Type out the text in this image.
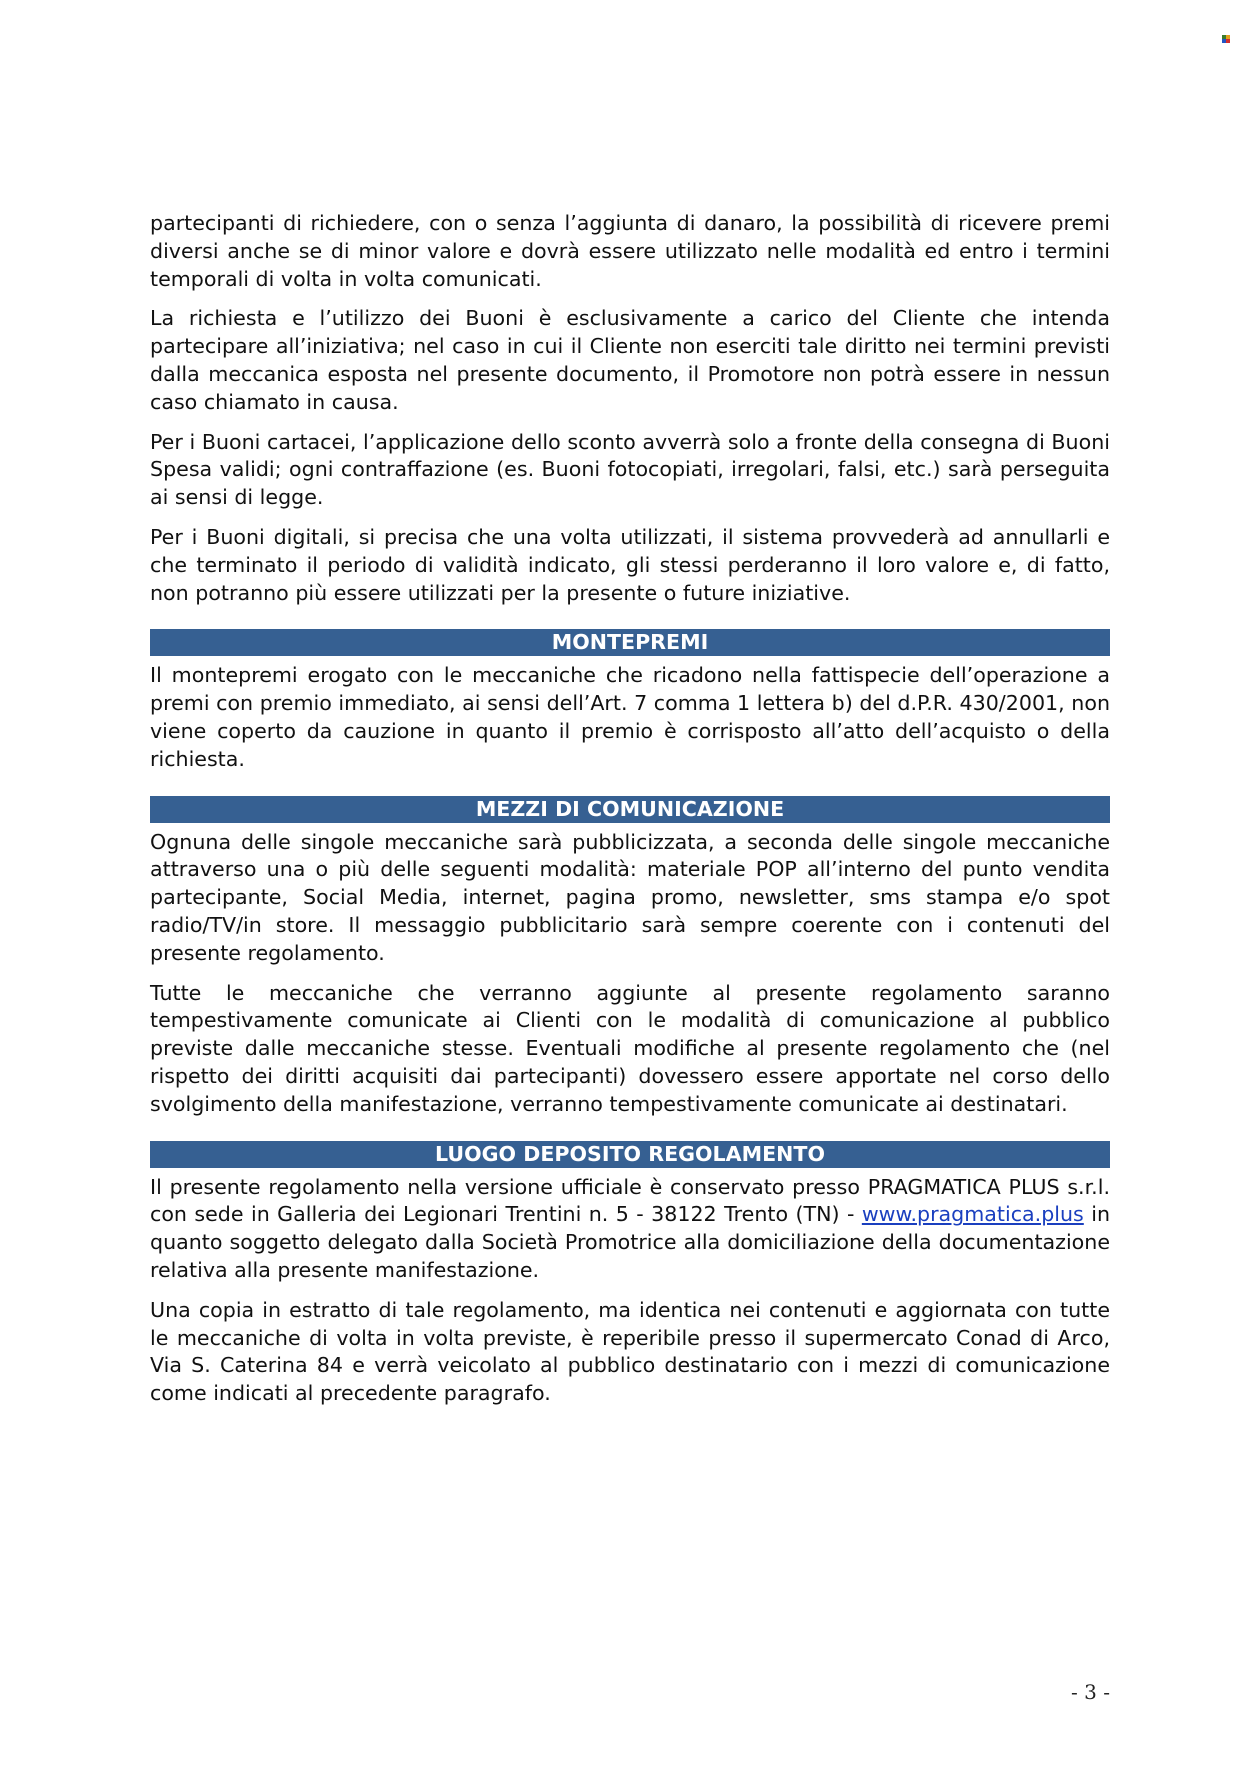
partecipanti di richiedere, con o senza l’aggiunta di danaro, la possibilità di ricevere premi diversi anche se di minor valore e dovrà essere utilizzato nelle modalità ed entro i termini temporali di volta in volta comunicati.

La richiesta e l’utilizzo dei Buoni è esclusivamente a carico del Cliente che intenda partecipare all’iniziativa; nel caso in cui il Cliente non eserciti tale diritto nei termini previsti dalla meccanica esposta nel presente documento, il Promotore non potrà essere in nessun caso chiamato in causa.

Per i Buoni cartacei, l’applicazione dello sconto avverrà solo a fronte della consegna di Buoni Spesa validi; ogni contraffazione (es. Buoni fotocopiati, irregolari, falsi, etc.) sarà perseguita ai sensi di legge.

Per i Buoni digitali, si precisa che una volta utilizzati, il sistema provvederà ad annullarli e che terminato il periodo di validità indicato, gli stessi perderanno il loro valore e, di fatto, non potranno più essere utilizzati per la presente o future iniziative.

MONTEPREMI

Il montepremi erogato con le meccaniche che ricadono nella fattispecie dell’operazione a premi con premio immediato, ai sensi dell’Art. 7 comma 1 lettera b) del d.P.R. 430/2001, non viene coperto da cauzione in quanto il premio è corrisposto all’atto dell’acquisto o della richiesta.

MEZZI DI COMUNICAZIONE

Ognuna delle singole meccaniche sarà pubblicizzata, a seconda delle singole meccaniche attraverso una o più delle seguenti modalità: materiale POP all’interno del punto vendita partecipante, Social Media, internet, pagina promo, newsletter, sms stampa e/o spot radio/TV/in store. Il messaggio pubblicitario sarà sempre coerente con i contenuti del presente regolamento.

Tutte le meccaniche che verranno aggiunte al presente regolamento saranno tempestivamente comunicate ai Clienti con le modalità di comunicazione al pubblico previste dalle meccaniche stesse. Eventuali modifiche al presente regolamento che (nel rispetto dei diritti acquisiti dai partecipanti) dovessero essere apportate nel corso dello svolgimento della manifestazione, verranno tempestivamente comunicate ai destinatari.

LUOGO DEPOSITO REGOLAMENTO

Il presente regolamento nella versione ufficiale è conservato presso PRAGMATICA PLUS s.r.l. con sede in Galleria dei Legionari Trentini n. 5 - 38122 Trento (TN) - www.pragmatica.plus in quanto soggetto delegato dalla Società Promotrice alla domiciliazione della documentazione relativa alla presente manifestazione.

Una copia in estratto di tale regolamento, ma identica nei contenuti e aggiornata con tutte le meccaniche di volta in volta previste, è reperibile presso il supermercato Conad di Arco, Via S. Caterina 84 e verrà veicolato al pubblico destinatario con i mezzi di comunicazione come indicati al precedente paragrafo.

- 3 -
